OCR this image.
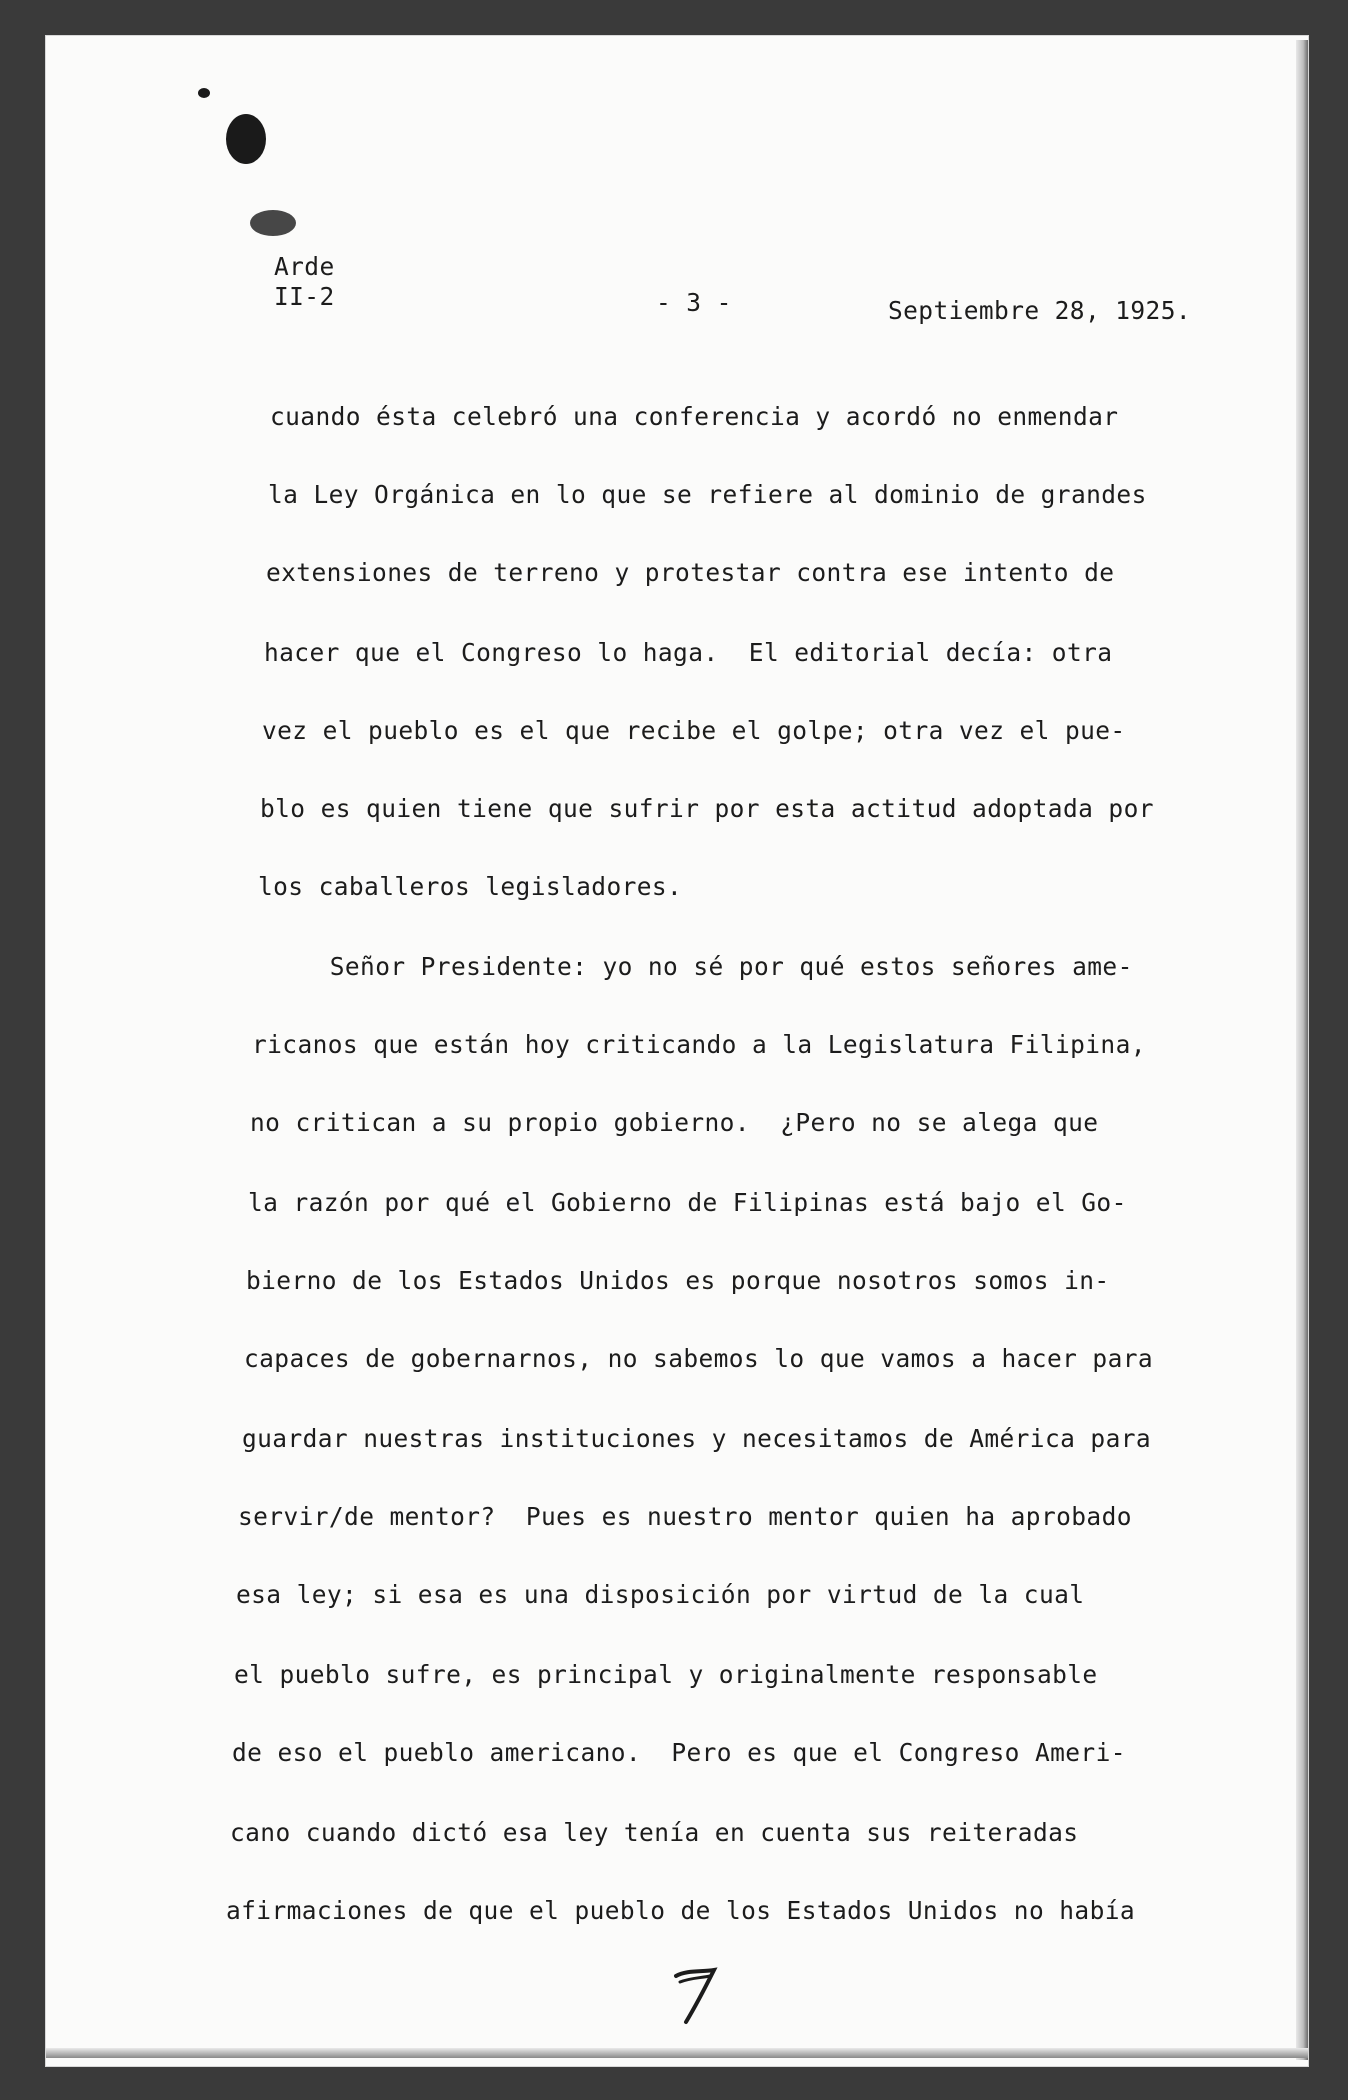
Arde
II-2	- 3 -	Septiembre 28, 1925.
cuando ésta celebró una conferencia y acordó no enmendar
la Ley Orgánica en lo que se refiere al dominio de grandes
extensiones de terreno y protestar contra ese intento de
hacer que el Congreso lo haga.  El editorial decía: otra
vez el pueblo es el que recibe el golpe; otra vez el pue-
blo es quien tiene que sufrir por esta actitud adoptada por
los caballeros legisladores.
Señor Presidente: yo no sé por qué estos señores ame-
ricanos que están hoy criticando a la Legislatura Filipina,
no critican a su propio gobierno.  ¿Pero no se alega que
la razón por qué el Gobierno de Filipinas está bajo el Go-
bierno de los Estados Unidos es porque nosotros somos in-
capaces de gobernarnos, no sabemos lo que vamos a hacer para
guardar nuestras instituciones y necesitamos de América para
servir/de mentor?  Pues es nuestro mentor quien ha aprobado
esa ley; si esa es una disposición por virtud de la cual
el pueblo sufre, es principal y originalmente responsable
de eso el pueblo americano.  Pero es que el Congreso Ameri-
cano cuando dictó esa ley tenía en cuenta sus reiteradas
afirmaciones de que el pueblo de los Estados Unidos no había
